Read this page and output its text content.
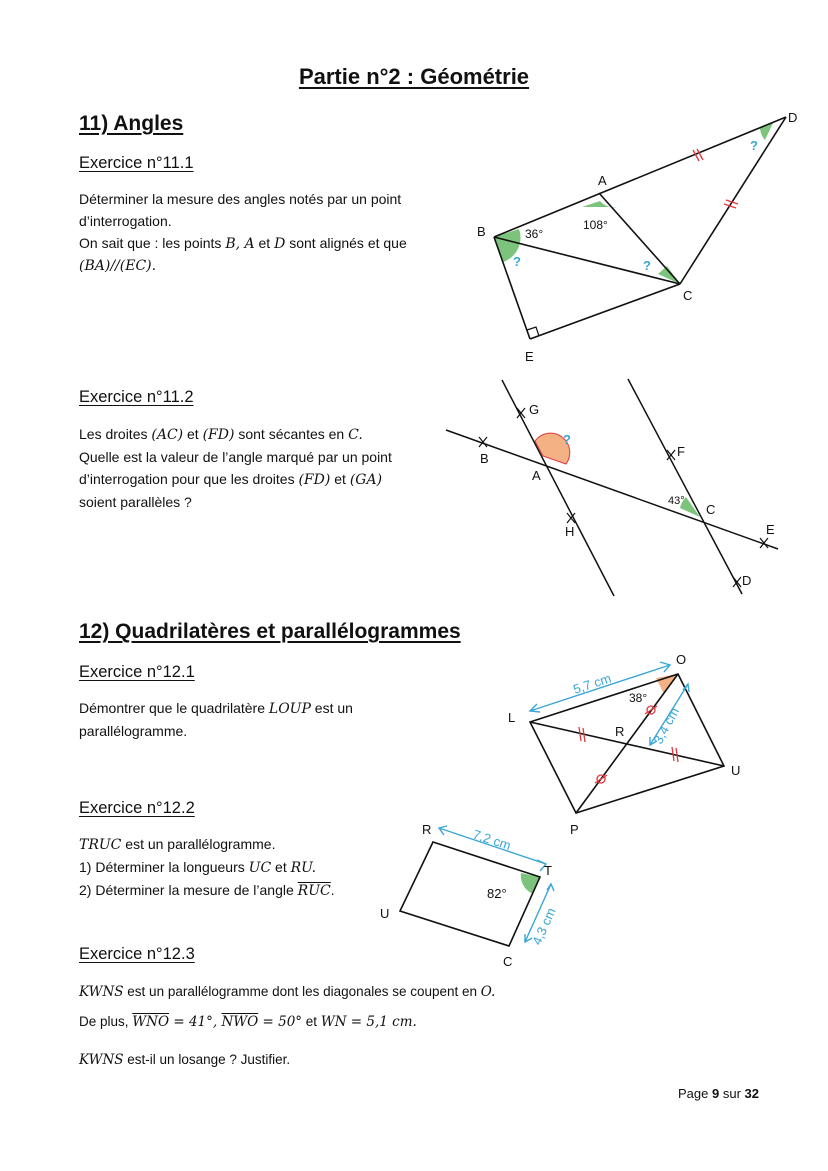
Partie n°2 : Géométrie
11) Angles
Exercice n°11.1
Déterminer la mesure des angles notés par un point
d’interrogation.
On sait que : les points B, A et D sont alignés et que
(BA)//(EC).
Exercice n°11.2
Les droites (AC) et (FD) sont sécantes en C.
Quelle est la valeur de l’angle marqué par un point
d’interrogation pour que les droites (FD) et (GA)
soient parallèles ?
12) Quadrilatères et parallélogrammes
Exercice n°12.1
Démontrer que le quadrilatère LOUP est un
parallélogramme.
Exercice n°12.2
TRUC est un parallélogramme.
1) Déterminer la longueurs UC et RU.
2) Déterminer la mesure de l’angle $\overline{RUC}$.
Exercice n°12.3
KWNS est un parallélogramme dont les diagonales se coupent en O.
De plus, $\overline{WNO} = 41^\circ$, $\overline{NWO} = 50^\circ$ et WN = 5,1 cm.
KWNS est-il un losange ? Justifier.
Page 9 sur 32
D
A
B
C
E
108°
36°
?
?	?
G
B
A
H
F
C
E
D
43°
?
L
O
U
P
R
5,7 cm
3,4 cm
38°
R
T
C
U
7,2 cm
4,3 cm
82°
